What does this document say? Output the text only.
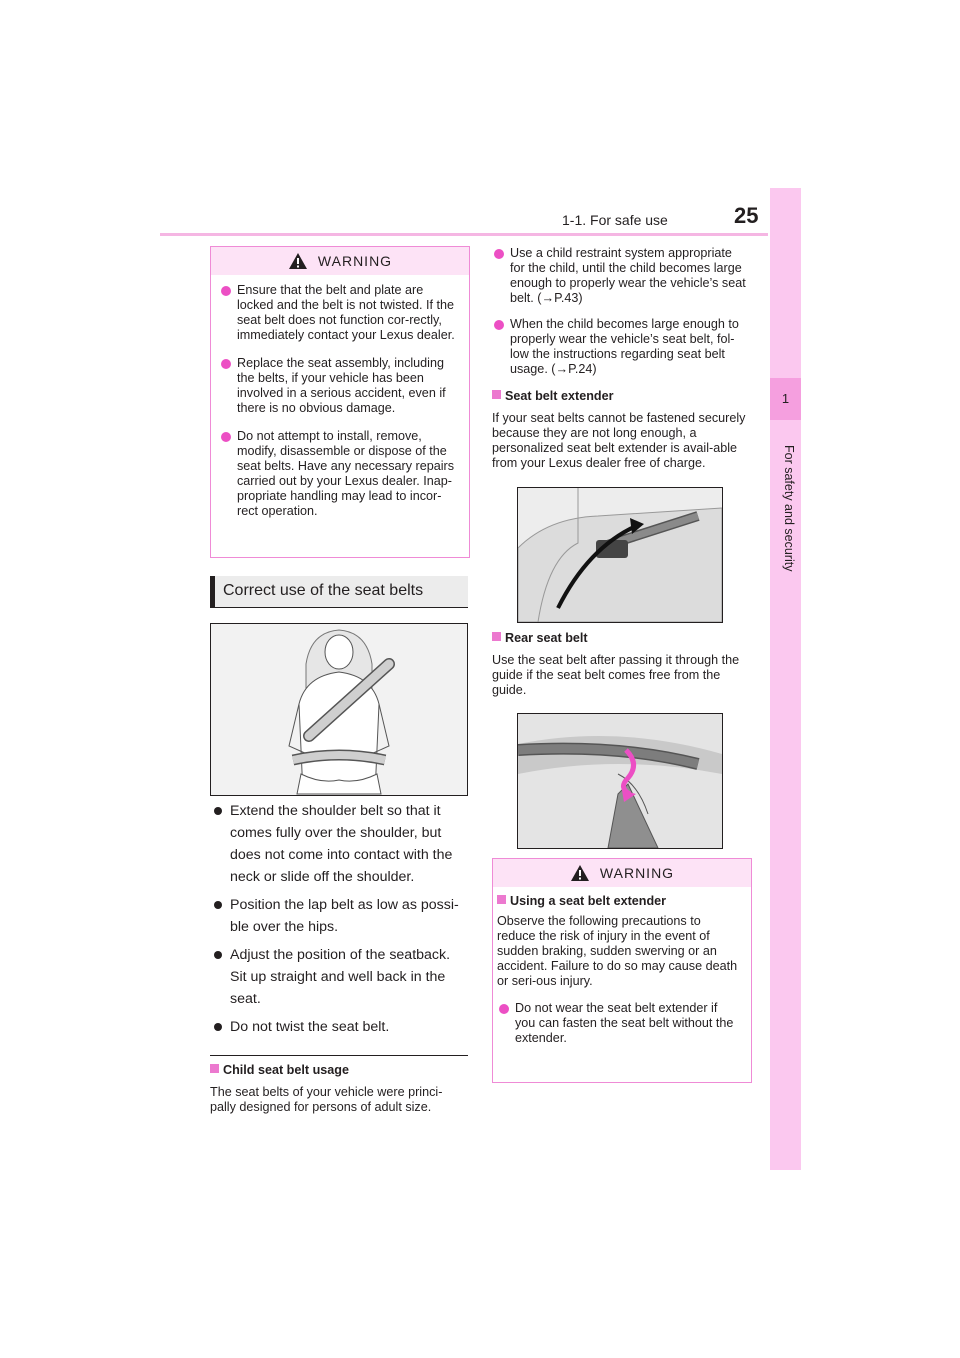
1-1. For safe use	25
1
For safety and security
WARNING
Ensure that the belt and plate are locked and the belt is not twisted. If the seat belt does not function cor-rectly, immediately contact your Lexus dealer.
Replace the seat assembly, including the belts, if your vehicle has been involved in a serious accident, even if there is no obvious damage.
Do not attempt to install, remove, modify, disassemble or dispose of the seat belts. Have any necessary repairs carried out by your Lexus dealer. Inap-propriate handling may lead to incor-rect operation.
Correct use of the seat belts
Extend the shoulder belt so that it comes fully over the shoulder, but does not come into contact with the neck or slide off the shoulder.
Position the lap belt as low as possi-ble over the hips.
Adjust the position of the seatback. Sit up straight and well back in the seat.
Do not twist the seat belt.
Child seat belt usage
The seat belts of your vehicle were princi-pally designed for persons of adult size.
Use a child restraint system appropriate for the child, until the child becomes large enough to properly wear the vehicle’s seat belt. (→P.43)
When the child becomes large enough to properly wear the vehicle’s seat belt, fol-low the instructions regarding seat belt usage. (→P.24)
Seat belt extender
If your seat belts cannot be fastened securely because they are not long enough, a personalized seat belt extender is avail-able from your Lexus dealer free of charge.
Rear seat belt
Use the seat belt after passing it through the guide if the seat belt comes free from the guide.
WARNING
Using a seat belt extender
Observe the following precautions to reduce the risk of injury in the event of sudden braking, sudden swerving or an accident. Failure to do so may cause death or seri-ous injury.
Do not wear the seat belt extender if you can fasten the seat belt without the extender.
